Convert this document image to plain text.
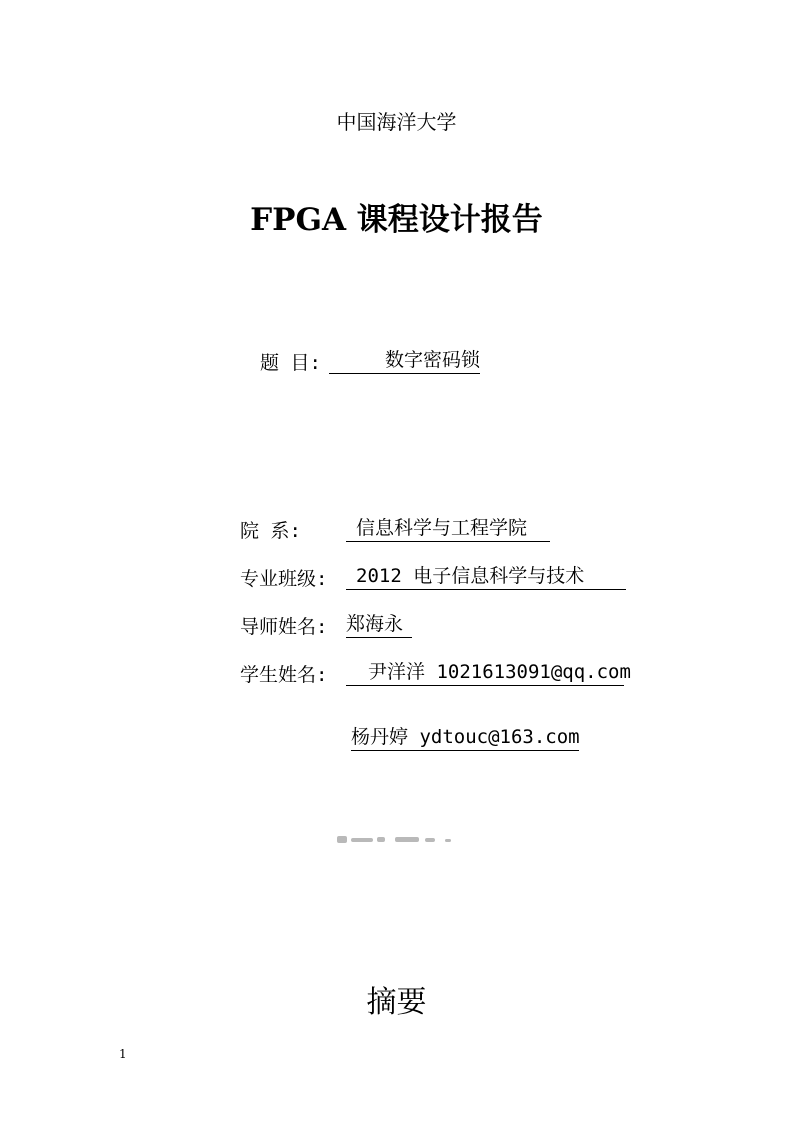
中国海洋大学
FPGA 课程设计报告
题 目:	数字密码锁
院 系:	信息科学与工程学院
专业班级:	2012 电子信息科学与技术
导师姓名: 郑海永
学生姓名:	尹洋洋 1021613091@qq.com
杨丹婷 ydtouc@163.com
摘要
1
